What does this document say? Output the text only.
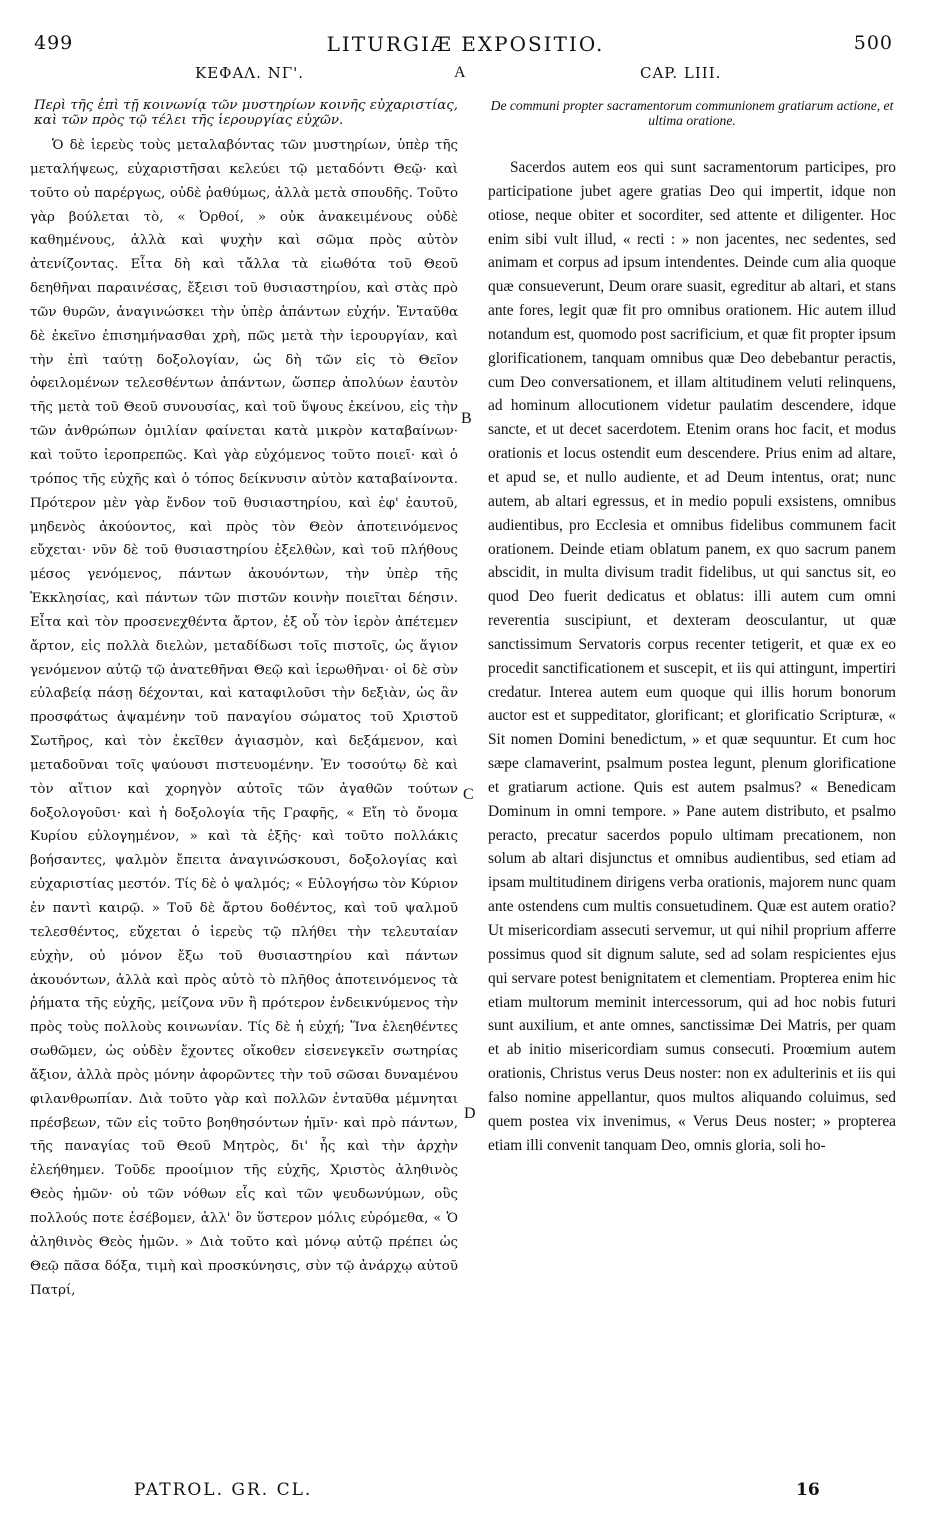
499	LITURGIÆ EXPOSITIO.	500
ΚΕΦΑΛ. ΝΓ'.	CAP. LIII.
A
B
C
D

Περὶ τῆς ἐπὶ τῇ κοινωνίᾳ τῶν μυστηρίων κοινῆς εὐχαριστίας, καὶ τῶν πρὸς τῷ τέλει τῆς ἱερουργίας εὐχῶν.

Ὁ δὲ ἱερεὺς τοὺς μεταλαβόντας τῶν μυστηρίων, ὑπὲρ τῆς μεταλήψεως, εὐχαριστῆσαι κελεύει τῷ μεταδόντι Θεῷ· καὶ τοῦτο οὐ παρέργως, οὐδὲ ῥαθύμως, ἀλλὰ μετὰ σπουδῆς. Τοῦτο γὰρ βούλεται τὸ, « Ὀρθοί, » οὐκ ἀνακειμένους οὐδὲ καθημένους, ἀλλὰ καὶ ψυχὴν καὶ σῶμα πρὸς αὐτὸν ἀτενίζοντας. Εἶτα δὴ καὶ τἄλλα τὰ εἰωθότα τοῦ Θεοῦ δεηθῆναι παραινέσας, ἔξεισι τοῦ θυσιαστηρίου, καὶ στὰς πρὸ τῶν θυρῶν, ἀναγινώσκει τὴν ὑπὲρ ἁπάντων εὐχήν. Ἐνταῦθα δὲ ἐκεῖνο ἐπισημήνασθαι χρὴ, πῶς μετὰ τὴν ἱερουργίαν, καὶ τὴν ἐπὶ ταύτῃ δοξολογίαν, ὡς δὴ τῶν εἰς τὸ Θεῖον ὀφειλομένων τελεσθέντων ἁπάντων, ὥσπερ ἀπολύων ἑαυτὸν τῆς μετὰ τοῦ Θεοῦ συνουσίας, καὶ τοῦ ὕψους ἐκείνου, εἰς τὴν τῶν ἀνθρώπων ὁμιλίαν φαίνεται κατὰ μικρὸν καταβαίνων· καὶ τοῦτο ἱεροπρεπῶς. Καὶ γὰρ εὐχόμενος τοῦτο ποιεῖ· καὶ ὁ τρόπος τῆς εὐχῆς καὶ ὁ τόπος δείκνυσιν αὐτὸν καταβαίνοντα. Πρότερον μὲν γὰρ ἔνδον τοῦ θυσιαστηρίου, καὶ ἐφ' ἑαυτοῦ, μηδενὸς ἀκούοντος, καὶ πρὸς τὸν Θεὸν ἀποτεινόμενος εὔχεται· νῦν δὲ τοῦ θυσιαστηρίου ἐξελθὼν, καὶ τοῦ πλήθους μέσος γενόμενος, πάντων ἀκουόντων, τὴν ὑπὲρ τῆς Ἐκκλησίας, καὶ πάντων τῶν πιστῶν κοινὴν ποιεῖται δέησιν. Εἶτα καὶ τὸν προσενεχθέντα ἄρτον, ἐξ οὗ τὸν ἱερὸν ἀπέτεμεν ἄρτον, εἰς πολλὰ διελὼν, μεταδίδωσι τοῖς πιστοῖς, ὡς ἅγιον γενόμενον αὐτῷ τῷ ἀνατεθῆναι Θεῷ καὶ ἱερωθῆναι· οἱ δὲ σὺν εὐλαβείᾳ πάσῃ δέχονται, καὶ καταφιλοῦσι τὴν δεξιὰν, ὡς ἂν προσφάτως ἁψαμένην τοῦ παναγίου σώματος τοῦ Χριστοῦ Σωτῆρος, καὶ τὸν ἐκεῖθεν ἁγιασμὸν, καὶ δεξάμενον, καὶ μεταδοῦναι τοῖς ψαύουσι πιστευομένην. Ἐν τοσούτῳ δὲ καὶ τὸν αἴτιον καὶ χορηγὸν αὐτοῖς τῶν ἀγαθῶν τούτων δοξολογοῦσι· καὶ ἡ δοξολογία τῆς Γραφῆς, « Εἴη τὸ ὄνομα Κυρίου εὐλογημένον, » καὶ τὰ ἑξῆς· καὶ τοῦτο πολλάκις βοήσαντες, ψαλμὸν ἔπειτα ἀναγινώσκουσι, δοξολογίας καὶ εὐχαριστίας μεστόν. Τίς δὲ ὁ ψαλμός; « Εὐλογήσω τὸν Κύριον ἐν παντὶ καιρῷ. » Τοῦ δὲ ἄρτου δοθέντος, καὶ τοῦ ψαλμοῦ τελεσθέντος, εὔχεται ὁ ἱερεὺς τῷ πλήθει τὴν τελευταίαν εὐχὴν, οὐ μόνον ἔξω τοῦ θυσιαστηρίου καὶ πάντων ἀκουόντων, ἀλλὰ καὶ πρὸς αὐτὸ τὸ πλῆθος ἀποτεινόμενος τὰ ῥήματα τῆς εὐχῆς, μείζονα νῦν ἢ πρότερον ἐνδεικνύμενος τὴν πρὸς τοὺς πολλοὺς κοινωνίαν. Τίς δὲ ἡ εὐχή; Ἵνα ἐλεηθέντες σωθῶμεν, ὡς οὐδὲν ἔχοντες οἴκοθεν εἰσενεγκεῖν σωτηρίας ἄξιον, ἀλλὰ πρὸς μόνην ἀφορῶντες τὴν τοῦ σῶσαι δυναμένου φιλανθρωπίαν. Διὰ τοῦτο γὰρ καὶ πολλῶν ἐνταῦθα μέμνηται πρέσβεων, τῶν εἰς τοῦτο βοηθησόντων ἡμῖν· καὶ πρὸ πάντων, τῆς παναγίας τοῦ Θεοῦ Μητρὸς, δι' ἧς καὶ τὴν ἀρχὴν ἐλεήθημεν. Τοῦδε προοίμιον τῆς εὐχῆς, Χριστὸς ἀληθινὸς Θεὸς ἡμῶν· οὐ τῶν νόθων εἷς καὶ τῶν ψευδωνύμων, οὓς πολλούς ποτε ἐσέβομεν, ἀλλ' ὃν ὕστερον μόλις εὑρόμεθα, « Ὁ ἀληθινὸς Θεὸς ἡμῶν. » Διὰ τοῦτο καὶ μόνῳ αὐτῷ πρέπει ὡς Θεῷ πᾶσα δόξα, τιμὴ καὶ προσκύνησις, σὺν τῷ ἀνάρχῳ αὐτοῦ Πατρί,

De communi propter sacramentorum communionem gratiarum actione, et ultima oratione.

Sacerdos autem eos qui sunt sacramentorum participes, pro participatione jubet agere gratias Deo qui impertit, idque non otiose, neque obiter et socorditer, sed attente et diligenter. Hoc enim sibi vult illud, « recti : » non jacentes, nec sedentes, sed animam et corpus ad ipsum intendentes. Deinde cum alia quoque quæ consueverunt, Deum orare suasit, egreditur ab altari, et stans ante fores, legit quæ fit pro omnibus orationem. Hic autem illud notandum est, quomodo post sacrificium, et quæ fit propter ipsum glorificationem, tanquam omnibus quæ Deo debebantur peractis, cum Deo conversationem, et illam altitudinem veluti relinquens, ad hominum allocutionem videtur paulatim descendere, idque sancte, et ut decet sacerdotem. Etenim orans hoc facit, et modus orationis et locus ostendit eum descendere. Prius enim ad altare, et apud se, et nullo audiente, et ad Deum intentus, orat; nunc autem, ab altari egressus, et in medio populi exsistens, omnibus audientibus, pro Ecclesia et omnibus fidelibus communem facit orationem. Deinde etiam oblatum panem, ex quo sacrum panem abscidit, in multa divisum tradit fidelibus, ut qui sanctus sit, eo quod Deo fuerit dedicatus et oblatus: illi autem cum omni reverentia suscipiunt, et dexteram deosculantur, ut quæ sanctissimum Servatoris corpus recenter tetigerit, et quæ ex eo procedit sanctificationem et suscepit, et iis qui attingunt, impertiri credatur. Interea autem eum quoque qui illis horum bonorum auctor est et suppeditator, glorificant; et glorificatio Scripturæ, « Sit nomen Domini benedictum, » et quæ sequuntur. Et cum hoc sæpe clamaverint, psalmum postea legunt, plenum glorificatione et gratiarum actione. Quis est autem psalmus? « Benedicam Dominum in omni tempore. » Pane autem distributo, et psalmo peracto, precatur sacerdos populo ultimam precationem, non solum ab altari disjunctus et omnibus audientibus, sed etiam ad ipsam multitudinem dirigens verba orationis, majorem nunc quam ante ostendens cum multis consuetudinem. Quæ est autem oratio? Ut misericordiam assecuti servemur, ut qui nihil proprium afferre possimus quod sit dignum salute, sed ad solam respicientes ejus qui servare potest benignitatem et clementiam. Propterea enim hic etiam multorum meminit intercessorum, qui ad hoc nobis futuri sunt auxilium, et ante omnes, sanctissimæ Dei Matris, per quam et ab initio misericordiam sumus consecuti. Proœmium autem orationis, Christus verus Deus noster: non ex adulterinis et iis qui falso nomine appellantur, quos multos aliquando coluimus, sed quem postea vix invenimus, « Verus Deus noster; » propterea etiam illi convenit tanquam Deo, omnis gloria, soli ho-

PATROL. GR. CL.	16
